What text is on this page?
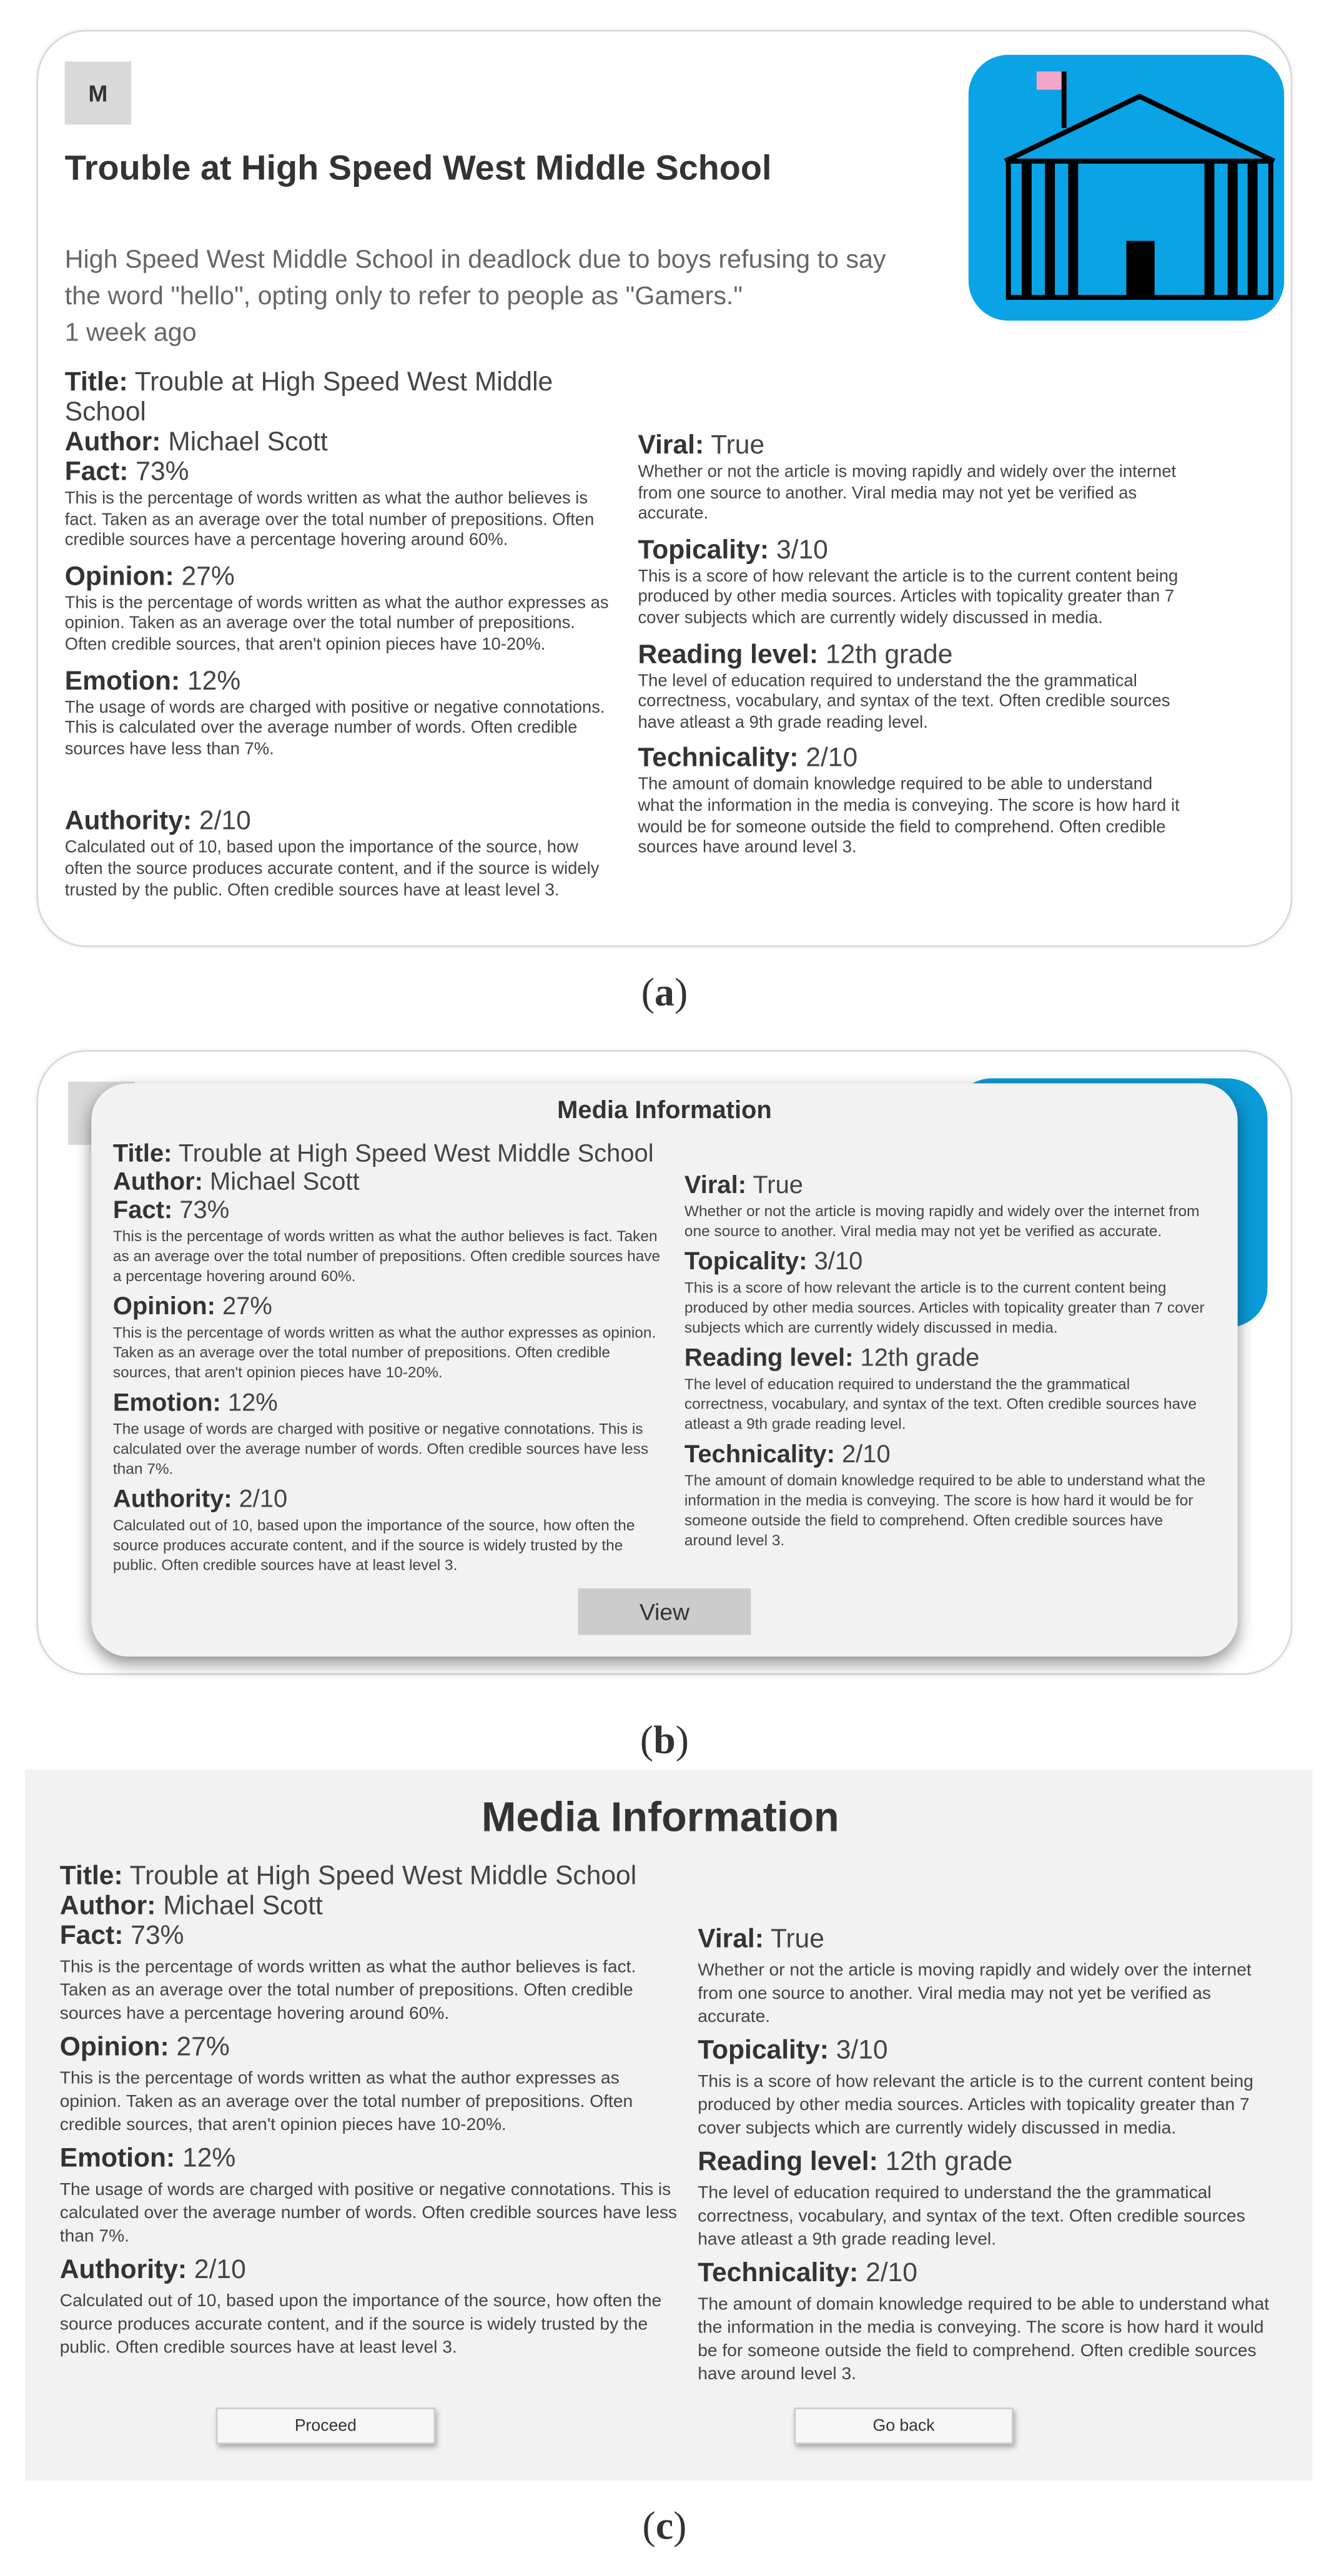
M
Trouble at High Speed West Middle School
High Speed West Middle School in deadlock due to boys refusing to say the word "hello", opting only to refer to people as "Gamers."
1 week ago
Title: Trouble at High Speed West Middle School
Author: Michael Scott
Fact: 73%
This is the percentage of words written as what the author believes is fact. Taken as an average over the total number of prepositions. Often credible sources have a percentage hovering around 60%.
Opinion: 27%
This is the percentage of words written as what the author expresses as opinion. Taken as an average over the total number of prepositions. Often credible sources, that aren't opinion pieces have 10-20%.
Emotion: 12%
The usage of words are charged with positive or negative connotations. This is calculated over the average number of words. Often credible sources have less than 7%.
Authority: 2/10
Calculated out of 10, based upon the importance of the source, how often the source produces accurate content, and if the source is widely trusted by the public. Often credible sources have at least level 3.
Viral: True
Whether or not the article is moving rapidly and widely over the internet from one source to another. Viral media may not yet be verified as accurate.
Topicality: 3/10
This is a score of how relevant the article is to the current content being produced by other media sources. Articles with topicality greater than 7 cover subjects which are currently widely discussed in media.
Reading level: 12th grade
The level of education required to understand the the grammatical correctness, vocabulary, and syntax of the text. Often credible sources have atleast a 9th grade reading level.
Technicality: 2/10
The amount of domain knowledge required to be able to understand what the information in the media is conveying. The score is how hard it would be for someone outside the field to comprehend. Often credible sources have around level 3.
(a)
Media Information
Title: Trouble at High Speed West Middle School
Author: Michael Scott
Fact: 73%
This is the percentage of words written as what the author believes is fact. Taken as an average over the total number of prepositions. Often credible sources have a percentage hovering around 60%.
Opinion: 27%
This is the percentage of words written as what the author expresses as opinion. Taken as an average over the total number of prepositions. Often credible sources, that aren't opinion pieces have 10-20%.
Emotion: 12%
The usage of words are charged with positive or negative connotations. This is calculated over the average number of words. Often credible sources have less than 7%.
Authority: 2/10
Calculated out of 10, based upon the importance of the source, how often the source produces accurate content, and if the source is widely trusted by the public. Often credible sources have at least level 3.
Viral: True
Whether or not the article is moving rapidly and widely over the internet from one source to another. Viral media may not yet be verified as accurate.
Topicality: 3/10
This is a score of how relevant the article is to the current content being produced by other media sources. Articles with topicality greater than 7 cover subjects which are currently widely discussed in media.
Reading level: 12th grade
The level of education required to understand the the grammatical correctness, vocabulary, and syntax of the text. Often credible sources have atleast a 9th grade reading level.
Technicality: 2/10
The amount of domain knowledge required to be able to understand what the information in the media is conveying. The score is how hard it would be for someone outside the field to comprehend. Often credible sources have around level 3.
View
(b)
Media Information
Title: Trouble at High Speed West Middle School
Author: Michael Scott
Fact: 73%
This is the percentage of words written as what the author believes is fact. Taken as an average over the total number of prepositions. Often credible sources have a percentage hovering around 60%.
Opinion: 27%
This is the percentage of words written as what the author expresses as opinion. Taken as an average over the total number of prepositions. Often credible sources, that aren't opinion pieces have 10-20%.
Emotion: 12%
The usage of words are charged with positive or negative connotations. This is calculated over the average number of words. Often credible sources have less than 7%.
Authority: 2/10
Calculated out of 10, based upon the importance of the source, how often the source produces accurate content, and if the source is widely trusted by the public. Often credible sources have at least level 3.
Viral: True
Whether or not the article is moving rapidly and widely over the internet from one source to another. Viral media may not yet be verified as accurate.
Topicality: 3/10
This is a score of how relevant the article is to the current content being produced by other media sources. Articles with topicality greater than 7 cover subjects which are currently widely discussed in media.
Reading level: 12th grade
The level of education required to understand the the grammatical correctness, vocabulary, and syntax of the text. Often credible sources have atleast a 9th grade reading level.
Technicality: 2/10
The amount of domain knowledge required to be able to understand what the information in the media is conveying. The score is how hard it would be for someone outside the field to comprehend. Often credible sources have around level 3.
Proceed	Go back
(c)
